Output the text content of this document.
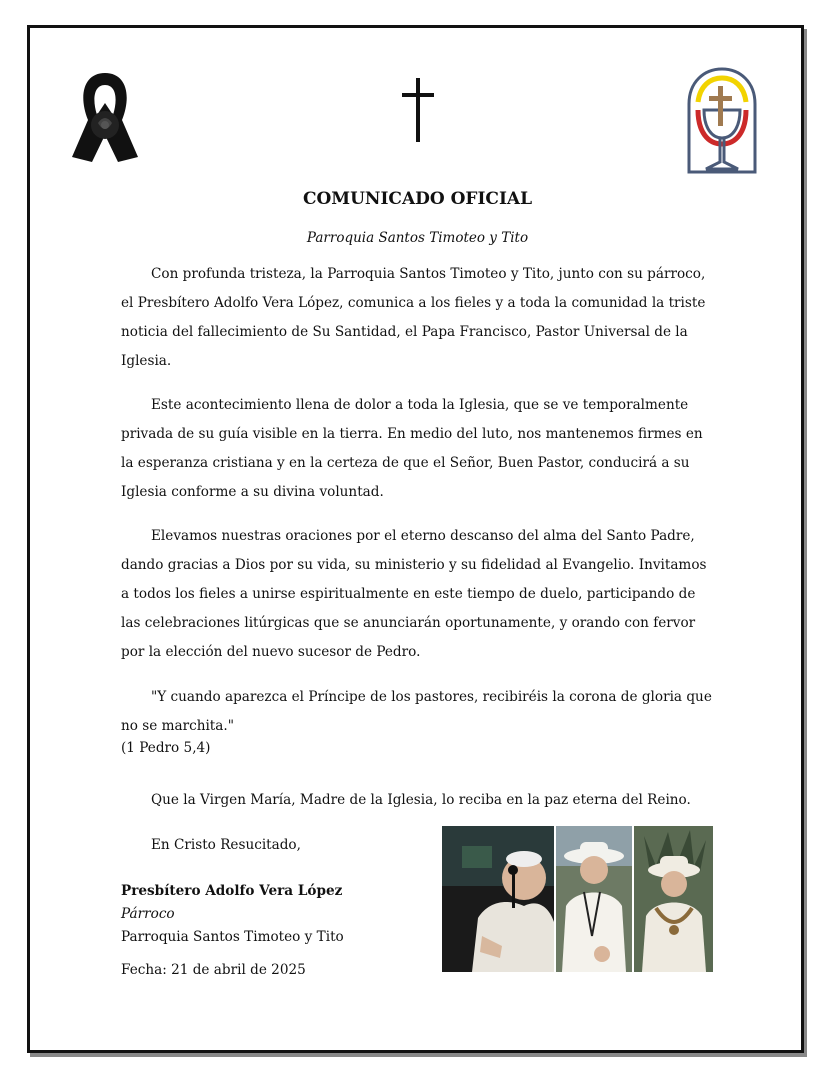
COMUNICADO OFICIAL
Parroquia Santos Timoteo y Tito

Con profunda tristeza, la Parroquia Santos Timoteo y Tito, junto con su párroco, el Presbítero Adolfo Vera López, comunica a los fieles y a toda la comunidad la triste noticia del fallecimiento de Su Santidad, el Papa Francisco, Pastor Universal de la Iglesia.

Este acontecimiento llena de dolor a toda la Iglesia, que se ve temporalmente privada de su guía visible en la tierra. En medio del luto, nos mantenemos firmes en la esperanza cristiana y en la certeza de que el Señor, Buen Pastor, conducirá a su Iglesia conforme a su divina voluntad.

Elevamos nuestras oraciones por el eterno descanso del alma del Santo Padre, dando gracias a Dios por su vida, su ministerio y su fidelidad al Evangelio. Invitamos a todos los fieles a unirse espiritualmente en este tiempo de duelo, participando de las celebraciones litúrgicas que se anunciarán oportunamente, y orando con fervor por la elección del nuevo sucesor de Pedro.

"Y cuando aparezca el Príncipe de los pastores, recibiréis la corona de gloria que no se marchita."

(1 Pedro 5,4)

Que la Virgen María, Madre de la Iglesia, lo reciba en la paz eterna del Reino.

En Cristo Resucitado,

Presbítero Adolfo Vera López
Párroco
Parroquia Santos Timoteo y Tito
Fecha: 21 de abril de 2025
